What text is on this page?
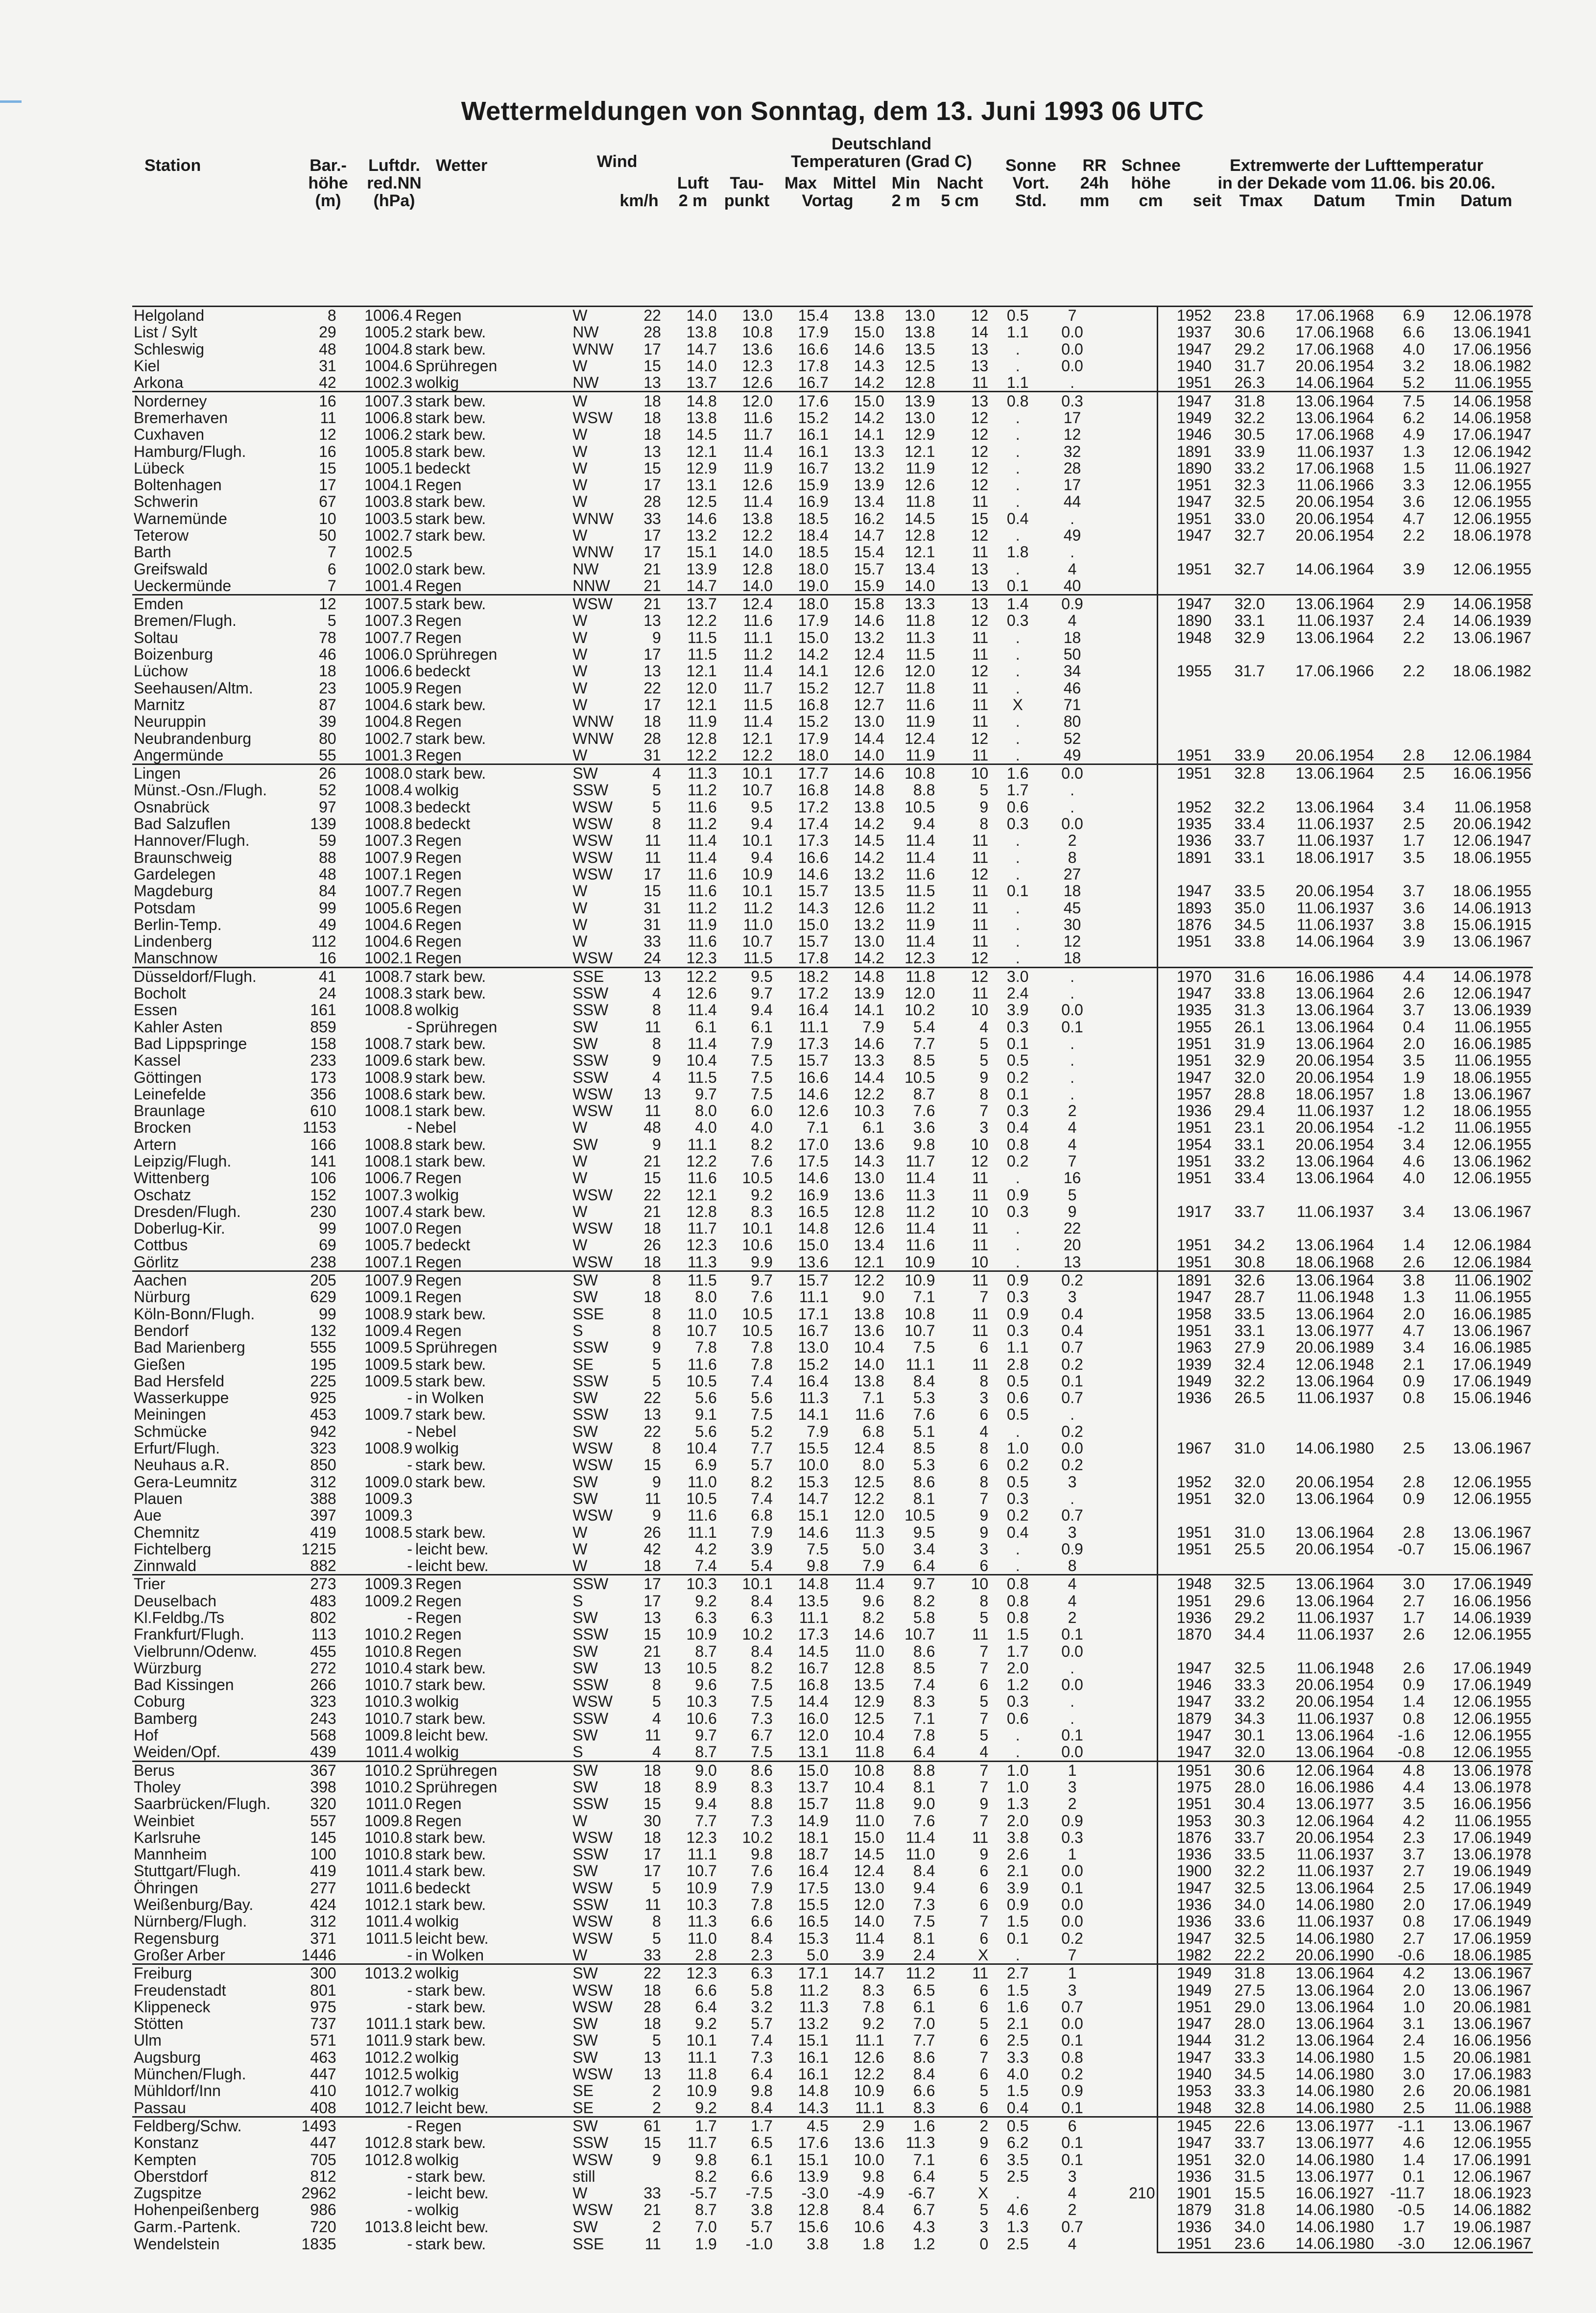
Wettermeldungen von Sonntag, dem 13. Juni 1993 06 UTC
Station	Bar.-
höhe
(m)
Luftdr.
red.NN
(hPa)
Wetter	Wind
km/h
Deutschland
Temperaturen (Grad C)
Luft
2 m
Tau-
punkt
Max Mittel
Vortag
Min
2 m
Nacht
5 cm
Sonne
Vort.
Std.
RR
24h
mm
Schnee
höhe
cm
Extremwerte der Lufttemperatur
in der Dekade vom 11.06. bis 20.06.
seit	Tmax	Datum	Tmin	Datum
Helgoland	8	1006.4	Regen	W	22	14.0	13.0	15.4	13.8	13.0	12	0.5	7		1952	23.8	17.06.1968	6.9	12.06.1978
List / Sylt	29	1005.2	stark bew.	NW	28	13.8	10.8	17.9	15.0	13.8	14	1.1	0.0		1937	30.6	17.06.1968	6.6	13.06.1941
Schleswig	48	1004.8	stark bew.	WNW	17	14.7	13.6	16.6	14.6	13.5	13	.	0.0		1947	29.2	17.06.1968	4.0	17.06.1956
Kiel	31	1004.6	Sprühregen	W	15	14.0	12.3	17.8	14.3	12.5	13	.	0.0		1940	31.7	20.06.1954	3.2	18.06.1982
Arkona	42	1002.3	wolkig	NW	13	13.7	12.6	16.7	14.2	12.8	11	1.1	.		1951	26.3	14.06.1964	5.2	11.06.1955
Norderney	16	1007.3	stark bew.	W	18	14.8	12.0	17.6	15.0	13.9	13	0.8	0.3		1947	31.8	13.06.1964	7.5	14.06.1958
Bremerhaven	11	1006.8	stark bew.	WSW	18	13.8	11.6	15.2	14.2	13.0	12	.	17		1949	32.2	13.06.1964	6.2	14.06.1958
Cuxhaven	12	1006.2	stark bew.	W	18	14.5	11.7	16.1	14.1	12.9	12	.	12		1946	30.5	17.06.1968	4.9	17.06.1947
Hamburg/Flugh.	16	1005.8	stark bew.	W	13	12.1	11.4	16.1	13.3	12.1	12	.	32		1891	33.9	11.06.1937	1.3	12.06.1942
Lübeck	15	1005.1	bedeckt	W	15	12.9	11.9	16.7	13.2	11.9	12	.	28		1890	33.2	17.06.1968	1.5	11.06.1927
Boltenhagen	17	1004.1	Regen	W	17	13.1	12.6	15.9	13.9	12.6	12	.	17		1951	32.3	11.06.1966	3.3	12.06.1955
Schwerin	67	1003.8	stark bew.	W	28	12.5	11.4	16.9	13.4	11.8	11	.	44		1947	32.5	20.06.1954	3.6	12.06.1955
Warnemünde	10	1003.5	stark bew.	WNW	33	14.6	13.8	18.5	16.2	14.5	15	0.4	.		1951	33.0	20.06.1954	4.7	12.06.1955
Teterow	50	1002.7	stark bew.	W	17	13.2	12.2	18.4	14.7	12.8	12	.	49		1947	32.7	20.06.1954	2.2	18.06.1978
Barth	7	1002.5		WNW	17	15.1	14.0	18.5	15.4	12.1	11	1.8	.						
Greifswald	6	1002.0	stark bew.	NW	21	13.9	12.8	18.0	15.7	13.4	13	.	4		1951	32.7	14.06.1964	3.9	12.06.1955
Ueckermünde	7	1001.4	Regen	NNW	21	14.7	14.0	19.0	15.9	14.0	13	0.1	40						
Emden	12	1007.5	stark bew.	WSW	21	13.7	12.4	18.0	15.8	13.3	13	1.4	0.9		1947	32.0	13.06.1964	2.9	14.06.1958
Bremen/Flugh.	5	1007.3	Regen	W	13	12.2	11.6	17.9	14.6	11.8	12	0.3	4		1890	33.1	11.06.1937	2.4	14.06.1939
Soltau	78	1007.7	Regen	W	9	11.5	11.1	15.0	13.2	11.3	11	.	18		1948	32.9	13.06.1964	2.2	13.06.1967
Boizenburg	46	1006.0	Sprühregen	W	17	11.5	11.2	14.2	12.4	11.5	11	.	50						
Lüchow	18	1006.6	bedeckt	W	13	12.1	11.4	14.1	12.6	12.0	12	.	34		1955	31.7	17.06.1966	2.2	18.06.1982
Seehausen/Altm.	23	1005.9	Regen	W	22	12.0	11.7	15.2	12.7	11.8	11	.	46						
Marnitz	87	1004.6	stark bew.	W	17	12.1	11.5	16.8	12.7	11.6	11	X	71						
Neuruppin	39	1004.8	Regen	WNW	18	11.9	11.4	15.2	13.0	11.9	11	.	80						
Neubrandenburg	80	1002.7	stark bew.	WNW	28	12.8	12.1	17.9	14.4	12.4	12	.	52						
Angermünde	55	1001.3	Regen	W	31	12.2	12.2	18.0	14.0	11.9	11	.	49		1951	33.9	20.06.1954	2.8	12.06.1984
Lingen	26	1008.0	stark bew.	SW	4	11.3	10.1	17.7	14.6	10.8	10	1.6	0.0		1951	32.8	13.06.1964	2.5	16.06.1956
Münst.-Osn./Flugh.	52	1008.4	wolkig	SSW	5	11.2	10.7	16.8	14.8	8.8	5	1.7	.						
Osnabrück	97	1008.3	bedeckt	WSW	5	11.6	9.5	17.2	13.8	10.5	9	0.6	.		1952	32.2	13.06.1964	3.4	11.06.1958
Bad Salzuflen	139	1008.8	bedeckt	WSW	8	11.2	9.4	17.4	14.2	9.4	8	0.3	0.0		1935	33.4	11.06.1937	2.5	20.06.1942
Hannover/Flugh.	59	1007.3	Regen	WSW	11	11.4	10.1	17.3	14.5	11.4	11	.	2		1936	33.7	11.06.1937	1.7	12.06.1947
Braunschweig	88	1007.9	Regen	WSW	11	11.4	9.4	16.6	14.2	11.4	11	.	8		1891	33.1	18.06.1917	3.5	18.06.1955
Gardelegen	48	1007.1	Regen	WSW	17	11.6	10.9	14.6	13.2	11.6	12	.	27						
Magdeburg	84	1007.7	Regen	W	15	11.6	10.1	15.7	13.5	11.5	11	0.1	18		1947	33.5	20.06.1954	3.7	18.06.1955
Potsdam	99	1005.6	Regen	W	31	11.2	11.2	14.3	12.6	11.2	11	.	45		1893	35.0	11.06.1937	3.6	14.06.1913
Berlin-Temp.	49	1004.6	Regen	W	31	11.9	11.0	15.0	13.2	11.9	11	.	30		1876	34.5	11.06.1937	3.8	15.06.1915
Lindenberg	112	1004.6	Regen	W	33	11.6	10.7	15.7	13.0	11.4	11	.	12		1951	33.8	14.06.1964	3.9	13.06.1967
Manschnow	16	1002.1	Regen	WSW	24	12.3	11.5	17.8	14.2	12.3	12	.	18						
Düsseldorf/Flugh.	41	1008.7	stark bew.	SSE	13	12.2	9.5	18.2	14.8	11.8	12	3.0	.		1970	31.6	16.06.1986	4.4	14.06.1978
Bocholt	24	1008.3	stark bew.	SSW	4	12.6	9.7	17.2	13.9	12.0	11	2.4	.		1947	33.8	13.06.1964	2.6	12.06.1947
Essen	161	1008.8	wolkig	SSW	8	11.4	9.4	16.4	14.1	10.2	10	3.9	0.0		1935	31.3	13.06.1964	3.7	13.06.1939
Kahler Asten	859	-	Sprühregen	SW	11	6.1	6.1	11.1	7.9	5.4	4	0.3	0.1		1955	26.1	13.06.1964	0.4	11.06.1955
Bad Lippspringe	158	1008.7	stark bew.	SW	8	11.4	7.9	17.3	14.6	7.7	5	0.1	.		1951	31.9	13.06.1964	2.0	16.06.1985
Kassel	233	1009.6	stark bew.	SSW	9	10.4	7.5	15.7	13.3	8.5	5	0.5	.		1951	32.9	20.06.1954	3.5	11.06.1955
Göttingen	173	1008.9	stark bew.	SSW	4	11.5	7.5	16.6	14.4	10.5	9	0.2	.		1947	32.0	20.06.1954	1.9	18.06.1955
Leinefelde	356	1008.6	stark bew.	WSW	13	9.7	7.5	14.6	12.2	8.7	8	0.1	.		1957	28.8	18.06.1957	1.8	13.06.1967
Braunlage	610	1008.1	stark bew.	WSW	11	8.0	6.0	12.6	10.3	7.6	7	0.3	2		1936	29.4	11.06.1937	1.2	18.06.1955
Brocken	1153	-	Nebel	W	48	4.0	4.0	7.1	6.1	3.6	3	0.4	4		1951	23.1	20.06.1954	-1.2	11.06.1955
Artern	166	1008.8	stark bew.	SW	9	11.1	8.2	17.0	13.6	9.8	10	0.8	4		1954	33.1	20.06.1954	3.4	12.06.1955
Leipzig/Flugh.	141	1008.1	stark bew.	W	21	12.2	7.6	17.5	14.3	11.7	12	0.2	7		1951	33.2	13.06.1964	4.6	13.06.1962
Wittenberg	106	1006.7	Regen	W	15	11.6	10.5	14.6	13.0	11.4	11	.	16		1951	33.4	13.06.1964	4.0	12.06.1955
Oschatz	152	1007.3	wolkig	WSW	22	12.1	9.2	16.9	13.6	11.3	11	0.9	5						
Dresden/Flugh.	230	1007.4	stark bew.	W	21	12.8	8.3	16.5	12.8	11.2	10	0.3	9		1917	33.7	11.06.1937	3.4	13.06.1967
Doberlug-Kir.	99	1007.0	Regen	WSW	18	11.7	10.1	14.8	12.6	11.4	11	.	22						
Cottbus	69	1005.7	bedeckt	W	26	12.3	10.6	15.0	13.4	11.6	11	.	20		1951	34.2	13.06.1964	1.4	12.06.1984
Görlitz	238	1007.1	Regen	WSW	18	11.3	9.9	13.6	12.1	10.9	10	.	13		1951	30.8	18.06.1968	2.6	12.06.1984
Aachen	205	1007.9	Regen	SW	8	11.5	9.7	15.7	12.2	10.9	11	0.9	0.2		1891	32.6	13.06.1964	3.8	11.06.1902
Nürburg	629	1009.1	Regen	SW	18	8.0	7.6	11.1	9.0	7.1	7	0.3	3		1947	28.7	11.06.1948	1.3	11.06.1955
Köln-Bonn/Flugh.	99	1008.9	stark bew.	SSE	8	11.0	10.5	17.1	13.8	10.8	11	0.9	0.4		1958	33.5	13.06.1964	2.0	16.06.1985
Bendorf	132	1009.4	Regen	S	8	10.7	10.5	16.7	13.6	10.7	11	0.3	0.4		1951	33.1	13.06.1977	4.7	13.06.1967
Bad Marienberg	555	1009.5	Sprühregen	SSW	9	7.8	7.8	13.0	10.4	7.5	6	1.1	0.7		1963	27.9	20.06.1989	3.4	16.06.1985
Gießen	195	1009.5	stark bew.	SE	5	11.6	7.8	15.2	14.0	11.1	11	2.8	0.2		1939	32.4	12.06.1948	2.1	17.06.1949
Bad Hersfeld	225	1009.5	stark bew.	SSW	5	10.5	7.4	16.4	13.8	8.4	8	0.5	0.1		1949	32.2	13.06.1964	0.9	17.06.1949
Wasserkuppe	925	-	in Wolken	SW	22	5.6	5.6	11.3	7.1	5.3	3	0.6	0.7		1936	26.5	11.06.1937	0.8	15.06.1946
Meiningen	453	1009.7	stark bew.	SSW	13	9.1	7.5	14.1	11.6	7.6	6	0.5	.						
Schmücke	942	-	Nebel	SW	22	5.6	5.2	7.9	6.8	5.1	4	.	0.2						
Erfurt/Flugh.	323	1008.9	wolkig	WSW	8	10.4	7.7	15.5	12.4	8.5	8	1.0	0.0		1967	31.0	14.06.1980	2.5	13.06.1967
Neuhaus a.R.	850	-	stark bew.	WSW	15	6.9	5.7	10.0	8.0	5.3	6	0.2	0.2						
Gera-Leumnitz	312	1009.0	stark bew.	SW	9	11.0	8.2	15.3	12.5	8.6	8	0.5	3		1952	32.0	20.06.1954	2.8	12.06.1955
Plauen	388	1009.3		SW	11	10.5	7.4	14.7	12.2	8.1	7	0.3	.		1951	32.0	13.06.1964	0.9	12.06.1955
Aue	397	1009.3		WSW	9	11.6	6.8	15.1	12.0	10.5	9	0.2	0.7						
Chemnitz	419	1008.5	stark bew.	W	26	11.1	7.9	14.6	11.3	9.5	9	0.4	3		1951	31.0	13.06.1964	2.8	13.06.1967
Fichtelberg	1215	-	leicht bew.	W	42	4.2	3.9	7.5	5.0	3.4	3	.	0.9		1951	25.5	20.06.1954	-0.7	15.06.1967
Zinnwald	882	-	leicht bew.	W	18	7.4	5.4	9.8	7.9	6.4	6	.	8						
Trier	273	1009.3	Regen	SSW	17	10.3	10.1	14.8	11.4	9.7	10	0.8	4		1948	32.5	13.06.1964	3.0	17.06.1949
Deuselbach	483	1009.2	Regen	S	17	9.2	8.4	13.5	9.6	8.2	8	0.8	4		1951	29.6	13.06.1964	2.7	16.06.1956
Kl.Feldbg./Ts	802	-	Regen	SW	13	6.3	6.3	11.1	8.2	5.8	5	0.8	2		1936	29.2	11.06.1937	1.7	14.06.1939
Frankfurt/Flugh.	113	1010.2	Regen	SSW	15	10.9	10.2	17.3	14.6	10.7	11	1.5	0.1		1870	34.4	11.06.1937	2.6	12.06.1955
Vielbrunn/Odenw.	455	1010.8	Regen	SW	21	8.7	8.4	14.5	11.0	8.6	7	1.7	0.0						
Würzburg	272	1010.4	stark bew.	SW	13	10.5	8.2	16.7	12.8	8.5	7	2.0	.		1947	32.5	11.06.1948	2.6	17.06.1949
Bad Kissingen	266	1010.7	stark bew.	SSW	8	9.6	7.5	16.8	13.5	7.4	6	1.2	0.0		1946	33.3	20.06.1954	0.9	17.06.1949
Coburg	323	1010.3	wolkig	WSW	5	10.3	7.5	14.4	12.9	8.3	5	0.3	.		1947	33.2	20.06.1954	1.4	12.06.1955
Bamberg	243	1010.7	stark bew.	SSW	4	10.6	7.3	16.0	12.5	7.1	7	0.6	.		1879	34.3	11.06.1937	0.8	12.06.1955
Hof	568	1009.8	leicht bew.	SW	11	9.7	6.7	12.0	10.4	7.8	5	.	0.1		1947	30.1	13.06.1964	-1.6	12.06.1955
Weiden/Opf.	439	1011.4	wolkig	S	4	8.7	7.5	13.1	11.8	6.4	4	.	0.0		1947	32.0	13.06.1964	-0.8	12.06.1955
Berus	367	1010.2	Sprühregen	SW	18	9.0	8.6	15.0	10.8	8.8	7	1.0	1		1951	30.6	12.06.1964	4.8	13.06.1978
Tholey	398	1010.2	Sprühregen	SW	18	8.9	8.3	13.7	10.4	8.1	7	1.0	3		1975	28.0	16.06.1986	4.4	13.06.1978
Saarbrücken/Flugh.	320	1011.0	Regen	SSW	15	9.4	8.8	15.7	11.8	9.0	9	1.3	2		1951	30.4	13.06.1977	3.5	16.06.1956
Weinbiet	557	1009.8	Regen	W	30	7.7	7.3	14.9	11.0	7.6	7	2.0	0.9		1953	30.3	12.06.1964	4.2	11.06.1955
Karlsruhe	145	1010.8	stark bew.	WSW	18	12.3	10.2	18.1	15.0	11.4	11	3.8	0.3		1876	33.7	20.06.1954	2.3	17.06.1949
Mannheim	100	1010.8	stark bew.	SSW	17	11.1	9.8	18.7	14.5	11.0	9	2.6	1		1936	33.5	11.06.1937	3.7	13.06.1978
Stuttgart/Flugh.	419	1011.4	stark bew.	SW	17	10.7	7.6	16.4	12.4	8.4	6	2.1	0.0		1900	32.2	11.06.1937	2.7	19.06.1949
Öhringen	277	1011.6	bedeckt	WSW	5	10.9	7.9	17.5	13.0	9.4	6	3.9	0.1		1947	32.5	13.06.1964	2.5	17.06.1949
Weißenburg/Bay.	424	1012.1	stark bew.	SSW	11	10.3	7.8	15.5	12.0	7.3	6	0.9	0.0		1936	34.0	14.06.1980	2.0	17.06.1949
Nürnberg/Flugh.	312	1011.4	wolkig	WSW	8	11.3	6.6	16.5	14.0	7.5	7	1.5	0.0		1936	33.6	11.06.1937	0.8	17.06.1949
Regensburg	371	1011.5	leicht bew.	WSW	5	11.0	8.4	15.3	11.4	8.1	6	0.1	0.2		1947	32.5	14.06.1980	2.7	17.06.1959
Großer Arber	1446	-	in Wolken	W	33	2.8	2.3	5.0	3.9	2.4	X	.	7		1982	22.2	20.06.1990	-0.6	18.06.1985
Freiburg	300	1013.2	wolkig	SW	22	12.3	6.3	17.1	14.7	11.2	11	2.7	1		1949	31.8	13.06.1964	4.2	13.06.1967
Freudenstadt	801	-	stark bew.	WSW	18	6.6	5.8	11.2	8.3	6.5	6	1.5	3		1949	27.5	13.06.1964	2.0	13.06.1967
Klippeneck	975	-	stark bew.	WSW	28	6.4	3.2	11.3	7.8	6.1	6	1.6	0.7		1951	29.0	13.06.1964	1.0	20.06.1981
Stötten	737	1011.1	stark bew.	SW	18	9.2	5.7	13.2	9.2	7.0	5	2.1	0.0		1947	28.0	13.06.1964	3.1	13.06.1967
Ulm	571	1011.9	stark bew.	SW	5	10.1	7.4	15.1	11.1	7.7	6	2.5	0.1		1944	31.2	13.06.1964	2.4	16.06.1956
Augsburg	463	1012.2	wolkig	SW	13	11.1	7.3	16.1	12.6	8.6	7	3.3	0.8		1947	33.3	14.06.1980	1.5	20.06.1981
München/Flugh.	447	1012.5	wolkig	WSW	13	11.8	6.4	16.1	12.2	8.4	6	4.0	0.2		1940	34.5	14.06.1980	3.0	17.06.1983
Mühldorf/Inn	410	1012.7	wolkig	SE	2	10.9	9.8	14.8	10.9	6.6	5	1.5	0.9		1953	33.3	14.06.1980	2.6	20.06.1981
Passau	408	1012.7	leicht bew.	SE	2	9.2	8.4	14.3	11.1	8.3	6	0.4	0.1		1948	32.8	14.06.1980	2.5	11.06.1988
Feldberg/Schw.	1493	-	Regen	SW	61	1.7	1.7	4.5	2.9	1.6	2	0.5	6		1945	22.6	13.06.1977	-1.1	13.06.1967
Konstanz	447	1012.8	stark bew.	SSW	15	11.7	6.5	17.6	13.6	11.3	9	6.2	0.1		1947	33.7	13.06.1977	4.6	12.06.1955
Kempten	705	1012.8	wolkig	WSW	9	9.8	6.1	15.1	10.0	7.1	6	3.5	0.1		1951	32.0	14.06.1980	1.4	17.06.1991
Oberstdorf	812	-	stark bew.	still		8.2	6.6	13.9	9.8	6.4	5	2.5	3		1936	31.5	13.06.1977	0.1	12.06.1967
Zugspitze	2962	-	leicht bew.	W	33	-5.7	-7.5	-3.0	-4.9	-6.7	X	.	4	210	1901	15.5	16.06.1927	-11.7	18.06.1923
Hohenpeißenberg	986	-	wolkig	WSW	21	8.7	3.8	12.8	8.4	6.7	5	4.6	2		1879	31.8	14.06.1980	-0.5	14.06.1882
Garm.-Partenk.	720	1013.8	leicht bew.	SW	2	7.0	5.7	15.6	10.6	4.3	3	1.3	0.7		1936	34.0	14.06.1980	1.7	19.06.1987
Wendelstein	1835	-	stark bew.	SSE	11	1.9	-1.0	3.8	1.8	1.2	0	2.5	4		1951	23.6	14.06.1980	-3.0	12.06.1967
